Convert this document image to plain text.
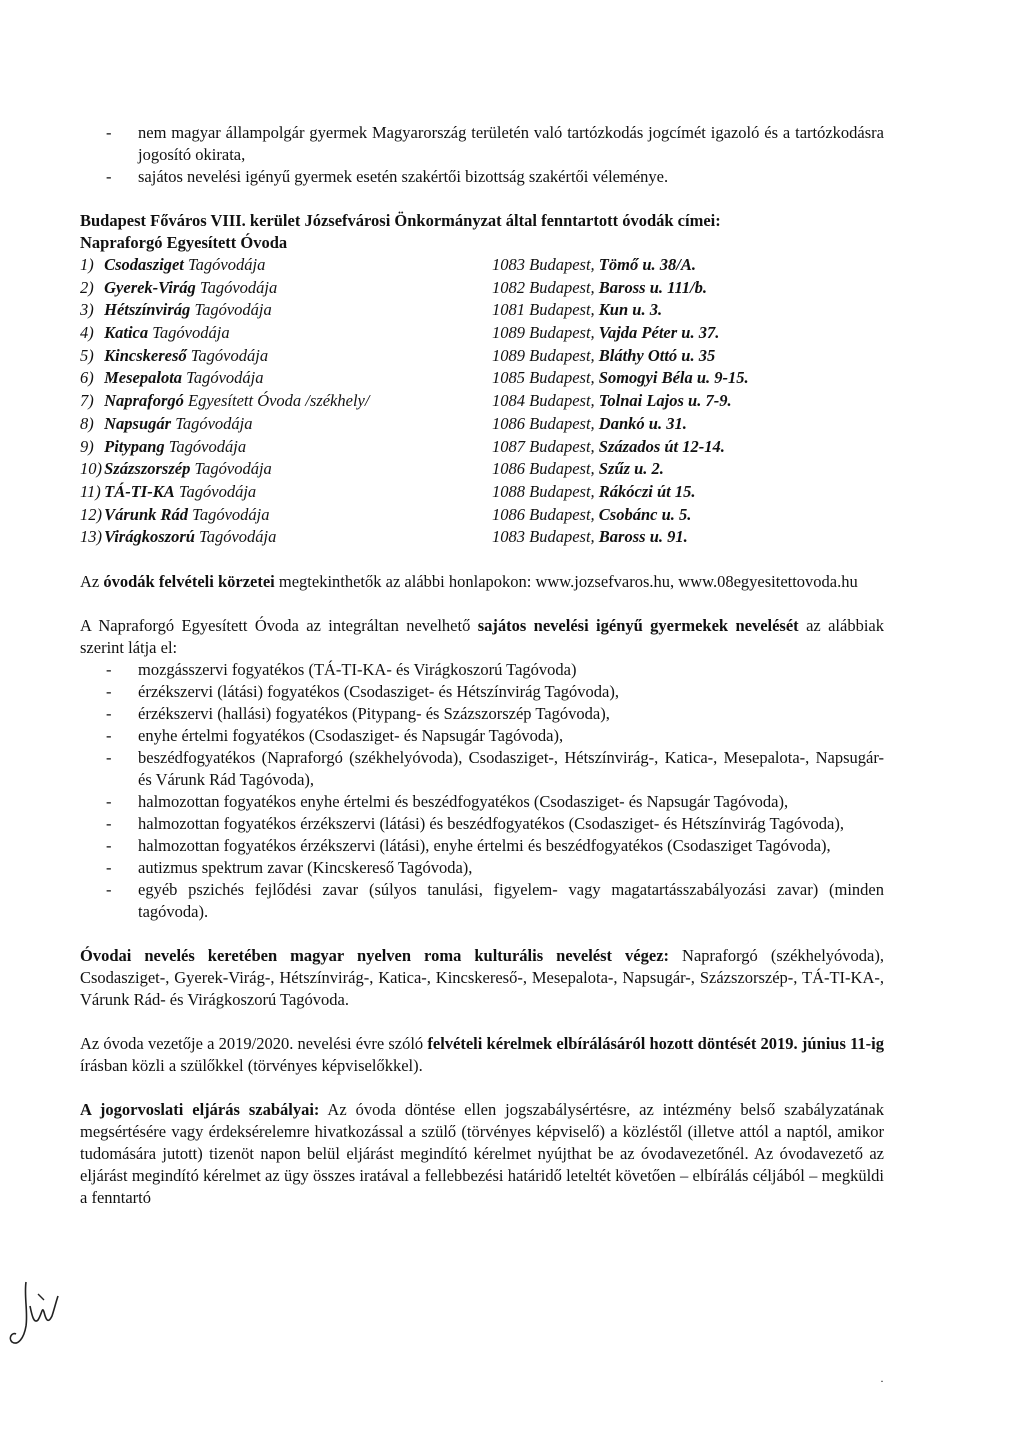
- nem magyar állampolgár gyermek Magyarország területén való tartózkodás jogcímét igazoló és a tartózkodásra jogosító okirata,
- sajátos nevelési igényű gyermek esetén szakértői bizottság szakértői véleménye.

Budapest Főváros VIII. kerület Józsefvárosi Önkormányzat által fenntartott óvodák címei:

Napraforgó Egyesített Óvoda

1) Csodasziget Tagóvodája	1083 Budapest, Tömő u. 38/A.
2) Gyerek-Virág Tagóvodája	1082 Budapest, Baross u. 111/b.
3) Hétszínvirág Tagóvodája	1081 Budapest, Kun u. 3.
4) Katica Tagóvodája	1089 Budapest, Vajda Péter u. 37.
5) Kincskereső Tagóvodája	1089 Budapest, Bláthy Ottó u. 35
6) Mesepalota Tagóvodája	1085 Budapest, Somogyi Béla u. 9-15.
7) Napraforgó Egyesített Óvoda /székhely/	1084 Budapest, Tolnai Lajos u. 7-9.
8) Napsugár Tagóvodája	1086 Budapest, Dankó u. 31.
9) Pitypang Tagóvodája	1087 Budapest, Százados út 12-14.
10) Százszorszép Tagóvodája	1086 Budapest, Szűz u. 2.
11) TÁ-TI-KA Tagóvodája	1088 Budapest, Rákóczi út 15.
12) Várunk Rád Tagóvodája	1086 Budapest, Csobánc u. 5.
13) Virágkoszorú Tagóvodája	1083 Budapest, Baross u. 91.

Az óvodák felvételi körzetei megtekinthetők az alábbi honlapokon: www.jozsefvaros.hu, www.08egyesitettovoda.hu

A Napraforgó Egyesített Óvoda az integráltan nevelhető sajátos nevelési igényű gyermekek nevelését az alábbiak szerint látja el:

- mozgásszervi fogyatékos (TÁ-TI-KA- és Virágkoszorú Tagóvoda)
- érzékszervi (látási) fogyatékos (Csodasziget- és Hétszínvirág Tagóvoda),
- érzékszervi (hallási) fogyatékos (Pitypang- és Százszorszép Tagóvoda),
- enyhe értelmi fogyatékos (Csodasziget- és Napsugár Tagóvoda),
- beszédfogyatékos (Napraforgó (székhelyóvoda), Csodasziget-, Hétszínvirág-, Katica-, Mesepalota-, Napsugár- és Várunk Rád Tagóvoda),
- halmozottan fogyatékos enyhe értelmi és beszédfogyatékos (Csodasziget- és Napsugár Tagóvoda),
- halmozottan fogyatékos érzékszervi (látási) és beszédfogyatékos (Csodasziget- és Hétszínvirág Tagóvoda),
- halmozottan fogyatékos érzékszervi (látási), enyhe értelmi és beszédfogyatékos (Csodasziget Tagóvoda),
- autizmus spektrum zavar (Kincskereső Tagóvoda),
- egyéb pszichés fejlődési zavar (súlyos tanulási, figyelem- vagy magatartásszabályozási zavar) (minden tagóvoda).

Óvodai nevelés keretében magyar nyelven roma kulturális nevelést végez: Napraforgó (székhelyóvoda), Csodasziget-, Gyerek-Virág-, Hétszínvirág-, Katica-, Kincskereső-, Mesepalota-, Napsugár-, Százszorszép-, TÁ-TI-KA-, Várunk Rád- és Virágkoszorú Tagóvoda.

Az óvoda vezetője a 2019/2020. nevelési évre szóló felvételi kérelmek elbírálásáról hozott döntését 2019. június 11-ig írásban közli a szülőkkel (törvényes képviselőkkel).

A jogorvoslati eljárás szabályai: Az óvoda döntése ellen jogszabálysértésre, az intézmény belső szabályzatának megsértésére vagy érdeksérelemre hivatkozással a szülő (törvényes képviselő) a közléstől (illetve attól a naptól, amikor tudomására jutott) tizenöt napon belül eljárást megindító kérelmet nyújthat be az óvodavezetőnél. Az óvodavezető az eljárást megindító kérelmet az ügy összes iratával a fellebbezési határidő leteltét követően – elbírálás céljából – megküldi a fenntartó

·
